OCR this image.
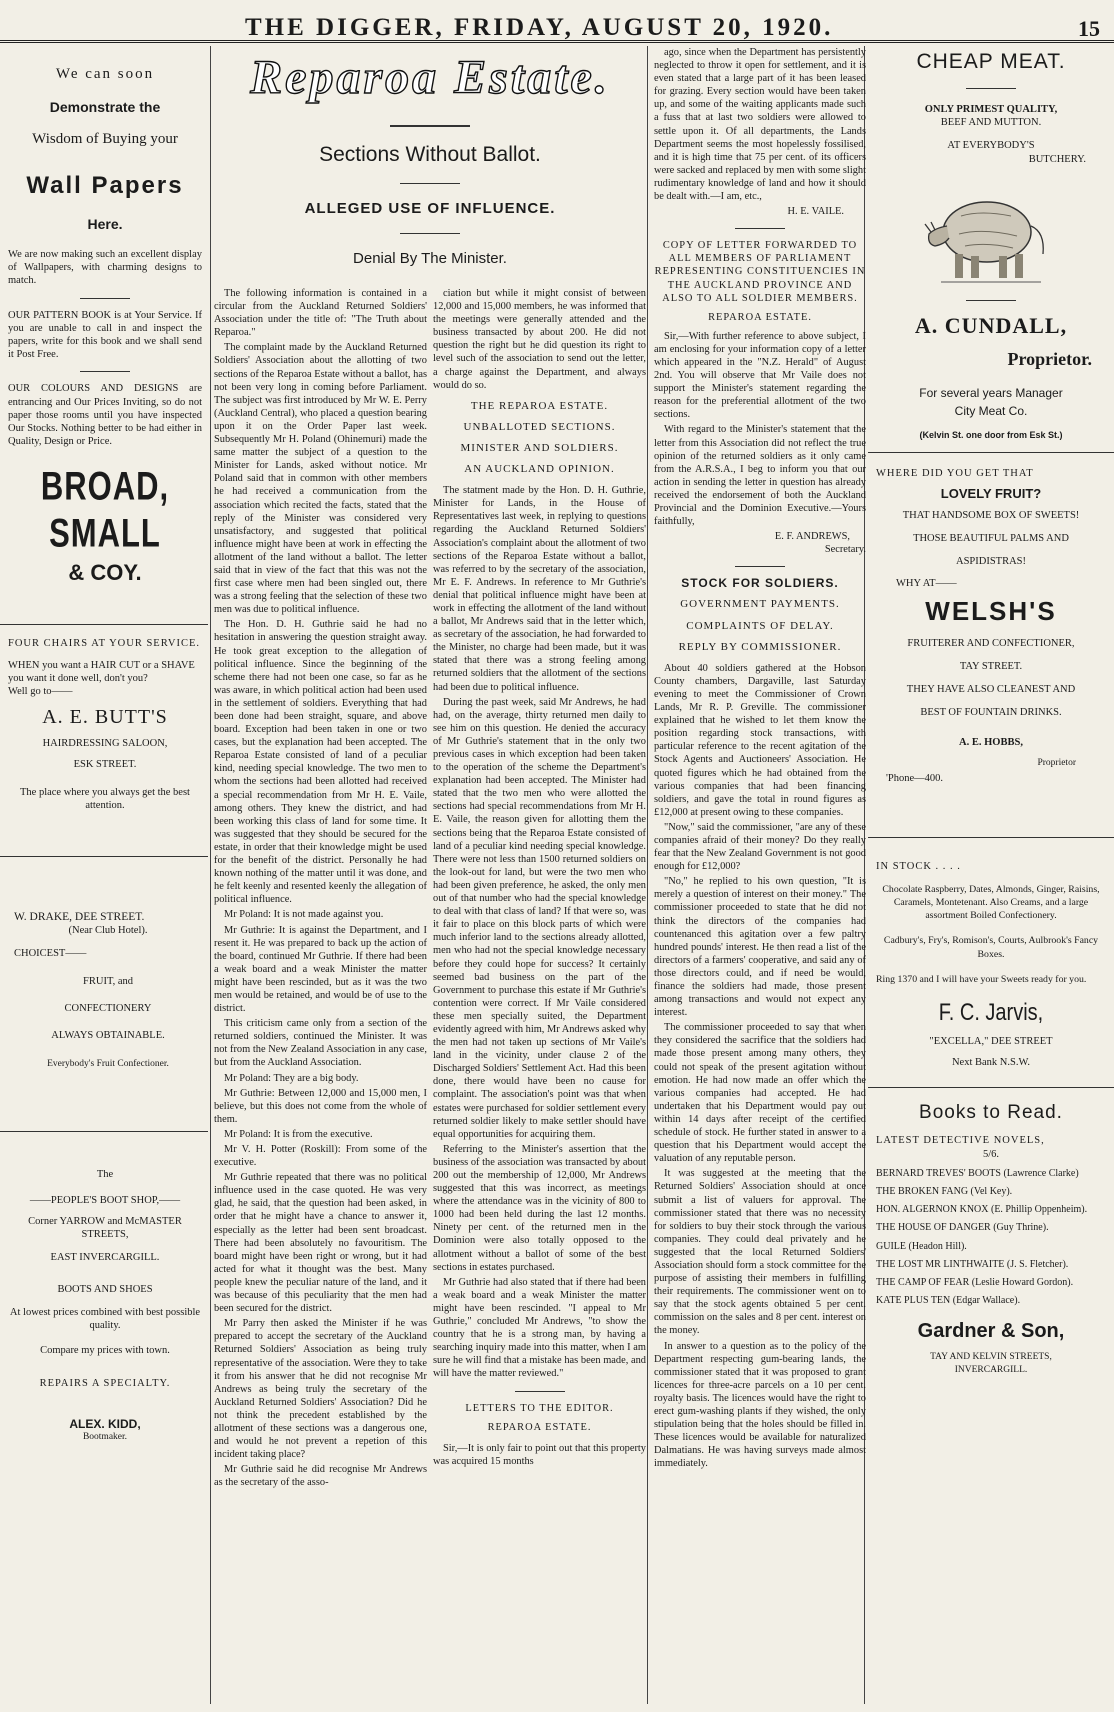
THE DIGGER, FRIDAY, AUGUST 20, 1920.	15
We can soon
Demonstrate the
Wisdom of Buying your
Wall Papers
Here.
We are now making such an excellent display of Wallpapers, with charming designs to match.
OUR PATTERN BOOK is at Your Service. If you are unable to call in and inspect the papers, write for this book and we shall send it Post Free.
OUR COLOURS AND DESIGNS are entrancing and Our Prices Inviting, so do not paper those rooms until you have inspected Our Stocks. Nothing better to be had either in Quality, Design or Price.
BROAD, SMALL
& COY.
FOUR CHAIRS AT YOUR SERVICE.
WHEN you want a HAIR CUT or a SHAVE you want it done well, don't you?
Well go to——
A. E. BUTT'S
HAIRDRESSING SALOON,
ESK STREET.
The place where you always get the best attention.
W. DRAKE, DEE STREET.
(Near Club Hotel).
CHOICEST——
FRUIT, and
CONFECTIONERY
ALWAYS OBTAINABLE.
Everybody's Fruit Confectioner.
The
——PEOPLE'S BOOT SHOP,——
Corner YARROW and McMASTER STREETS,
EAST INVERCARGILL.
BOOTS AND SHOES
At lowest prices combined with best possible quality.
Compare my prices with town.
REPAIRS A SPECIALTY.
ALEX. KIDD,
Bootmaker.
Reparoa Estate.
Sections Without Ballot.
ALLEGED USE OF INFLUENCE.
Denial By The Minister.

The following information is contained in a circular from the Auckland Returned Soldiers' Association under the title of: "The Truth about Reparoa."

The complaint made by the Auckland Returned Soldiers' Association about the allotting of two sections of the Reparoa Estate without a ballot, has not been very long in coming before Parliament. The subject was first introduced by Mr W. E. Perry (Auckland Central), who placed a question bearing upon it on the Order Paper last week. Subsequently Mr H. Poland (Ohinemuri) made the same matter the subject of a question to the Minister for Lands, asked without notice. Mr Poland said that in common with other members he had received a communication from the association which recited the facts, stated that the reply of the Minister was considered very unsatisfactory, and suggested that political influence might have been at work in effecting the allotment of the land without a ballot. The letter said that in view of the fact that this was not the first case where men had been singled out, there was a strong feeling that the selection of these two men was due to political influence.

The Hon. D. H. Guthrie said he had no hesitation in answering the question straight away. He took great exception to the allegation of political influence. Since the beginning of the scheme there had not been one case, so far as he was aware, in which political action had been used in the settlement of soldiers. Everything that had been done had been straight, square, and above board. Exception had been taken in one or two cases, but the explanation had been accepted. The Reparoa Estate consisted of land of a peculiar kind, needing special knowledge. The two men to whom the sections had been allotted had received a special recommendation from Mr H. E. Vaile, among others. They knew the district, and had been working this class of land for some time. It was suggested that they should be secured for the estate, in order that their knowledge might be used for the benefit of the district. Personally he had known nothing of the matter until it was done, and he felt keenly and resented keenly the allegation of political influence.

Mr Poland: It is not made against you.

Mr Guthrie: It is against the Department, and I resent it. He was prepared to back up the action of the board, continued Mr Guthrie. If there had been a weak board and a weak Minister the matter might have been rescinded, but as it was the two men would be retained, and would be of use to the district.

This criticism came only from a section of the returned soldiers, continued the Minister. It was not from the New Zealand Association in any case, but from the Auckland Association.

Mr Poland: They are a big body.

Mr Guthrie: Between 12,000 and 15,000 men, I believe, but this does not come from the whole of them.

Mr Poland: It is from the executive.

Mr V. H. Potter (Roskill): From some of the executive.

Mr Guthrie repeated that there was no political influence used in the case quoted. He was very glad, he said, that the question had been asked, in order that he might have a chance to answer it, especially as the letter had been sent broadcast. There had been absolutely no favouritism. The board might have been right or wrong, but it had acted for what it thought was the best. Many people knew the peculiar nature of the land, and it was because of this peculiarity that the men had been secured for the district.

Mr Parry then asked the Minister if he was prepared to accept the secretary of the Auckland Returned Soldiers' Association as being truly representative of the association. Were they to take it from his answer that he did not recognise Mr Andrews as being truly the secretary of the Auckland Returned Soldiers' Association? Did he not think the precedent established by the allotment of these sections was a dangerous one, and would he not prevent a repetion of this incident taking place?

Mr Guthrie said he did recognise Mr Andrews as the secretary of the asso-

ciation but while it might consist of between 12,000 and 15,000 members, he was informed that the meetings were generally attended and the business transacted by about 200. He did not question the right but he did question its right to level such of the association to send out the letter, a charge against the Department, and always would do so.

THE REPAROA ESTATE.
UNBALLOTED SECTIONS.
MINISTER AND SOLDIERS.
AN AUCKLAND OPINION.

The statment made by the Hon. D. H. Guthrie, Minister for Lands, in the House of Representatives last week, in replying to questions regarding the Auckland Returned Soldiers' Association's complaint about the allotment of two sections of the Reparoa Estate without a ballot, was referred to by the secretary of the association, Mr E. F. Andrews. In reference to Mr Guthrie's denial that political influence might have been at work in effecting the allotment of the land without a ballot, Mr Andrews said that in the letter which, as secretary of the association, he had forwarded to the Minister, no charge had been made, but it was stated that there was a strong feeling among returned soldiers that the allotment of the sections had been due to political influence.

During the past week, said Mr Andrews, he had had, on the average, thirty returned men daily to see him on this question. He denied the accuracy of Mr Guthrie's statement that in the only two previous cases in which exception had been taken to the operation of the scheme the Department's explanation had been accepted. The Minister had stated that the two men who were allotted the sections had special recommendations from Mr H. E. Vaile, the reason given for allotting them the sections being that the Reparoa Estate consisted of land of a peculiar kind needing special knowledge. There were not less than 1500 returned soldiers on the look-out for land, but were the two men who had been given preference, he asked, the only men out of that number who had the special knowledge to deal with that class of land? If that were so, was it fair to place on this block parts of which were much inferior land to the sections already allotted, men who had not the special knowledge necessary before they could hope for success? It certainly seemed bad business on the part of the Government to purchase this estate if Mr Guthrie's contention were correct. If Mr Vaile considered these men specially suited, the Department evidently agreed with him, Mr Andrews asked why the men had not taken up sections of Mr Vaile's land in the vicinity, under clause 2 of the Discharged Soldiers' Settlement Act. Had this been done, there would have been no cause for complaint. The association's point was that when estates were purchased for soldier settlement every returned soldier likely to make settler should have equal opportunities for acquiring them.

Referring to the Minister's assertion that the business of the association was transacted by about 200 out the membership of 12,000, Mr Andrews suggested that this was incorrect, as meetings where the attendance was in the vicinity of 800 to 1000 had been held during the last 12 months. Ninety per cent. of the returned men in the Dominion were also totally opposed to the allotment without a ballot of some of the best sections in estates purchased.

Mr Guthrie had also stated that if there had been a weak board and a weak Minister the matter might have been rescinded. "I appeal to Mr Guthrie," concluded Mr Andrews, "to show the country that he is a strong man, by having a searching inquiry made into this matter, when I am sure he will find that a mistake has been made, and will have the matter reviewed."

LETTERS TO THE EDITOR.
REPAROA ESTATE.

Sir,—It is only fair to point out that this property was acquired 15 months

ago, since when the Department has persistently neglected to throw it open for settlement, and it is even stated that a large part of it has been leased for grazing. Every section would have been taken up, and some of the waiting applicants made such a fuss that at last two soldiers were allowed to settle upon it. Of all departments, the Lands Department seems the most hopelessly fossilised, and it is high time that 75 per cent. of its officers were sacked and replaced by men with some slight rudimentary knowledge of land and how it should be dealt with.—I am, etc.,

H. E. VAILE.
COPY OF LETTER FORWARDED TO ALL MEMBERS OF PARLIAMENT REPRESENTING CONSTITUENCIES IN THE AUCKLAND PROVINCE AND ALSO TO ALL SOLDIER MEMBERS.
REPAROA ESTATE.

Sir,—With further reference to above subject, I am enclosing for your information copy of a letter which appeared in the "N.Z. Herald" of August 2nd. You will observe that Mr Vaile does not support the Minister's statement regarding the reason for the preferential allotment of the two sections.

With regard to the Minister's statement that the letter from this Association did not reflect the true opinion of the returned soldiers as it only came from the A.R.S.A., I beg to inform you that our action in sending the letter in question has already received the endorsement of both the Auckland Provincial and the Dominion Executive.—Yours faithfully,

E. F. ANDREWS,
Secretary.
STOCK FOR SOLDIERS.
GOVERNMENT PAYMENTS.
COMPLAINTS OF DELAY.
REPLY BY COMMISSIONER.

About 40 soldiers gathered at the Hobson County chambers, Dargaville, last Saturday evening to meet the Commissioner of Crown Lands, Mr R. P. Greville. The commissioner explained that he wished to let them know the position regarding stock transactions, with particular reference to the recent agitation of the Stock Agents and Auctioneers' Association. He quoted figures which he had obtained from the various companies that had been financing soldiers, and gave the total in round figures as £12,000 at present owing to these companies.

"Now," said the commissioner, "are any of these companies afraid of their money? Do they really fear that the New Zealand Government is not good enough for £12,000?

"No," he replied to his own question, "It is merely a question of interest on their money." The commissioner proceeded to state that he did not think the directors of the companies had countenanced this agitation over a few paltry hundred pounds' interest. He then read a list of the directors of a farmers' cooperative, and said any of those directors could, and if need be would, finance the soldiers had made, those present among transactions and would not expect any interest.

The commissioner proceeded to say that when they considered the sacrifice that the soldiers had made those present among many others, they could not speak of the present agitation without emotion. He had now made an offer which the various companies had accepted. He had undertaken that his Department would pay out within 14 days after receipt of the certified schedule of stock. He further stated in answer to a question that his Department would accept the valuation of any reputable person.

It was suggested at the meeting that the Returned Soldiers' Association should at once submit a list of valuers for approval. The commissioner stated that there was no necessity for soldiers to buy their stock through the various companies. They could deal privately and he suggested that the local Returned Soldiers' Association should form a stock committee for the purpose of assisting their members in fulfilling their requirements. The commissioner went on to say that the stock agents obtained 5 per cent. commission on the sales and 8 per cent. interest on the money.

In answer to a question as to the policy of the Department respecting gum-bearing lands, the commissioner stated that it was proposed to grant licences for three-acre parcels on a 10 per cent. royalty basis. The licences would have the right to erect gum-washing plants if they wished, the only stipulation being that the holes should be filled in. These licences would be available for naturalized Dalmatians. He was having surveys made almost immediately.

CHEAP MEAT.
ONLY PRIMEST QUALITY,
BEEF AND MUTTON.
AT EVERYBODY'S
BUTCHERY.
A. CUNDALL,
Proprietor.
For several years Manager
City Meat Co.
(Kelvin St. one door from Esk St.)
WHERE DID YOU GET THAT
LOVELY FRUIT?
THAT HANDSOME BOX OF SWEETS!
THOSE BEAUTIFUL PALMS AND
ASPIDISTRAS!
WHY AT——
WELSH'S
FRUITERER AND CONFECTIONER,
TAY STREET.
THEY HAVE ALSO CLEANEST AND
BEST OF FOUNTAIN DRINKS.
A. E. HOBBS,
Proprietor
'Phone—400.
IN STOCK . . . .
Chocolate Raspberry, Dates, Almonds, Ginger, Raisins, Caramels, Montetenant. Also Creams, and a large assortment Boiled Confectionery.
Cadbury's, Fry's, Romison's, Courts, Aulbrook's Fancy Boxes.
Ring 1370 and I will have your Sweets ready for you.
F. C. Jarvis,
"EXCELLA," DEE STREET
Next Bank N.S.W.
Books to Read.
LATEST DETECTIVE NOVELS,
5/6.
BERNARD TREVES' BOOTS (Lawrence Clarke)
THE BROKEN FANG (Vel Key).
HON. ALGERNON KNOX (E. Phillip Oppenheim).
THE HOUSE OF DANGER (Guy Thrine).
GUILE (Headon Hill).
THE LOST MR LINTHWAITE (J. S. Fletcher).
THE CAMP OF FEAR (Leslie Howard Gordon).
KATE PLUS TEN (Edgar Wallace).
Gardner & Son,
TAY AND KELVIN STREETS,
INVERCARGILL.
